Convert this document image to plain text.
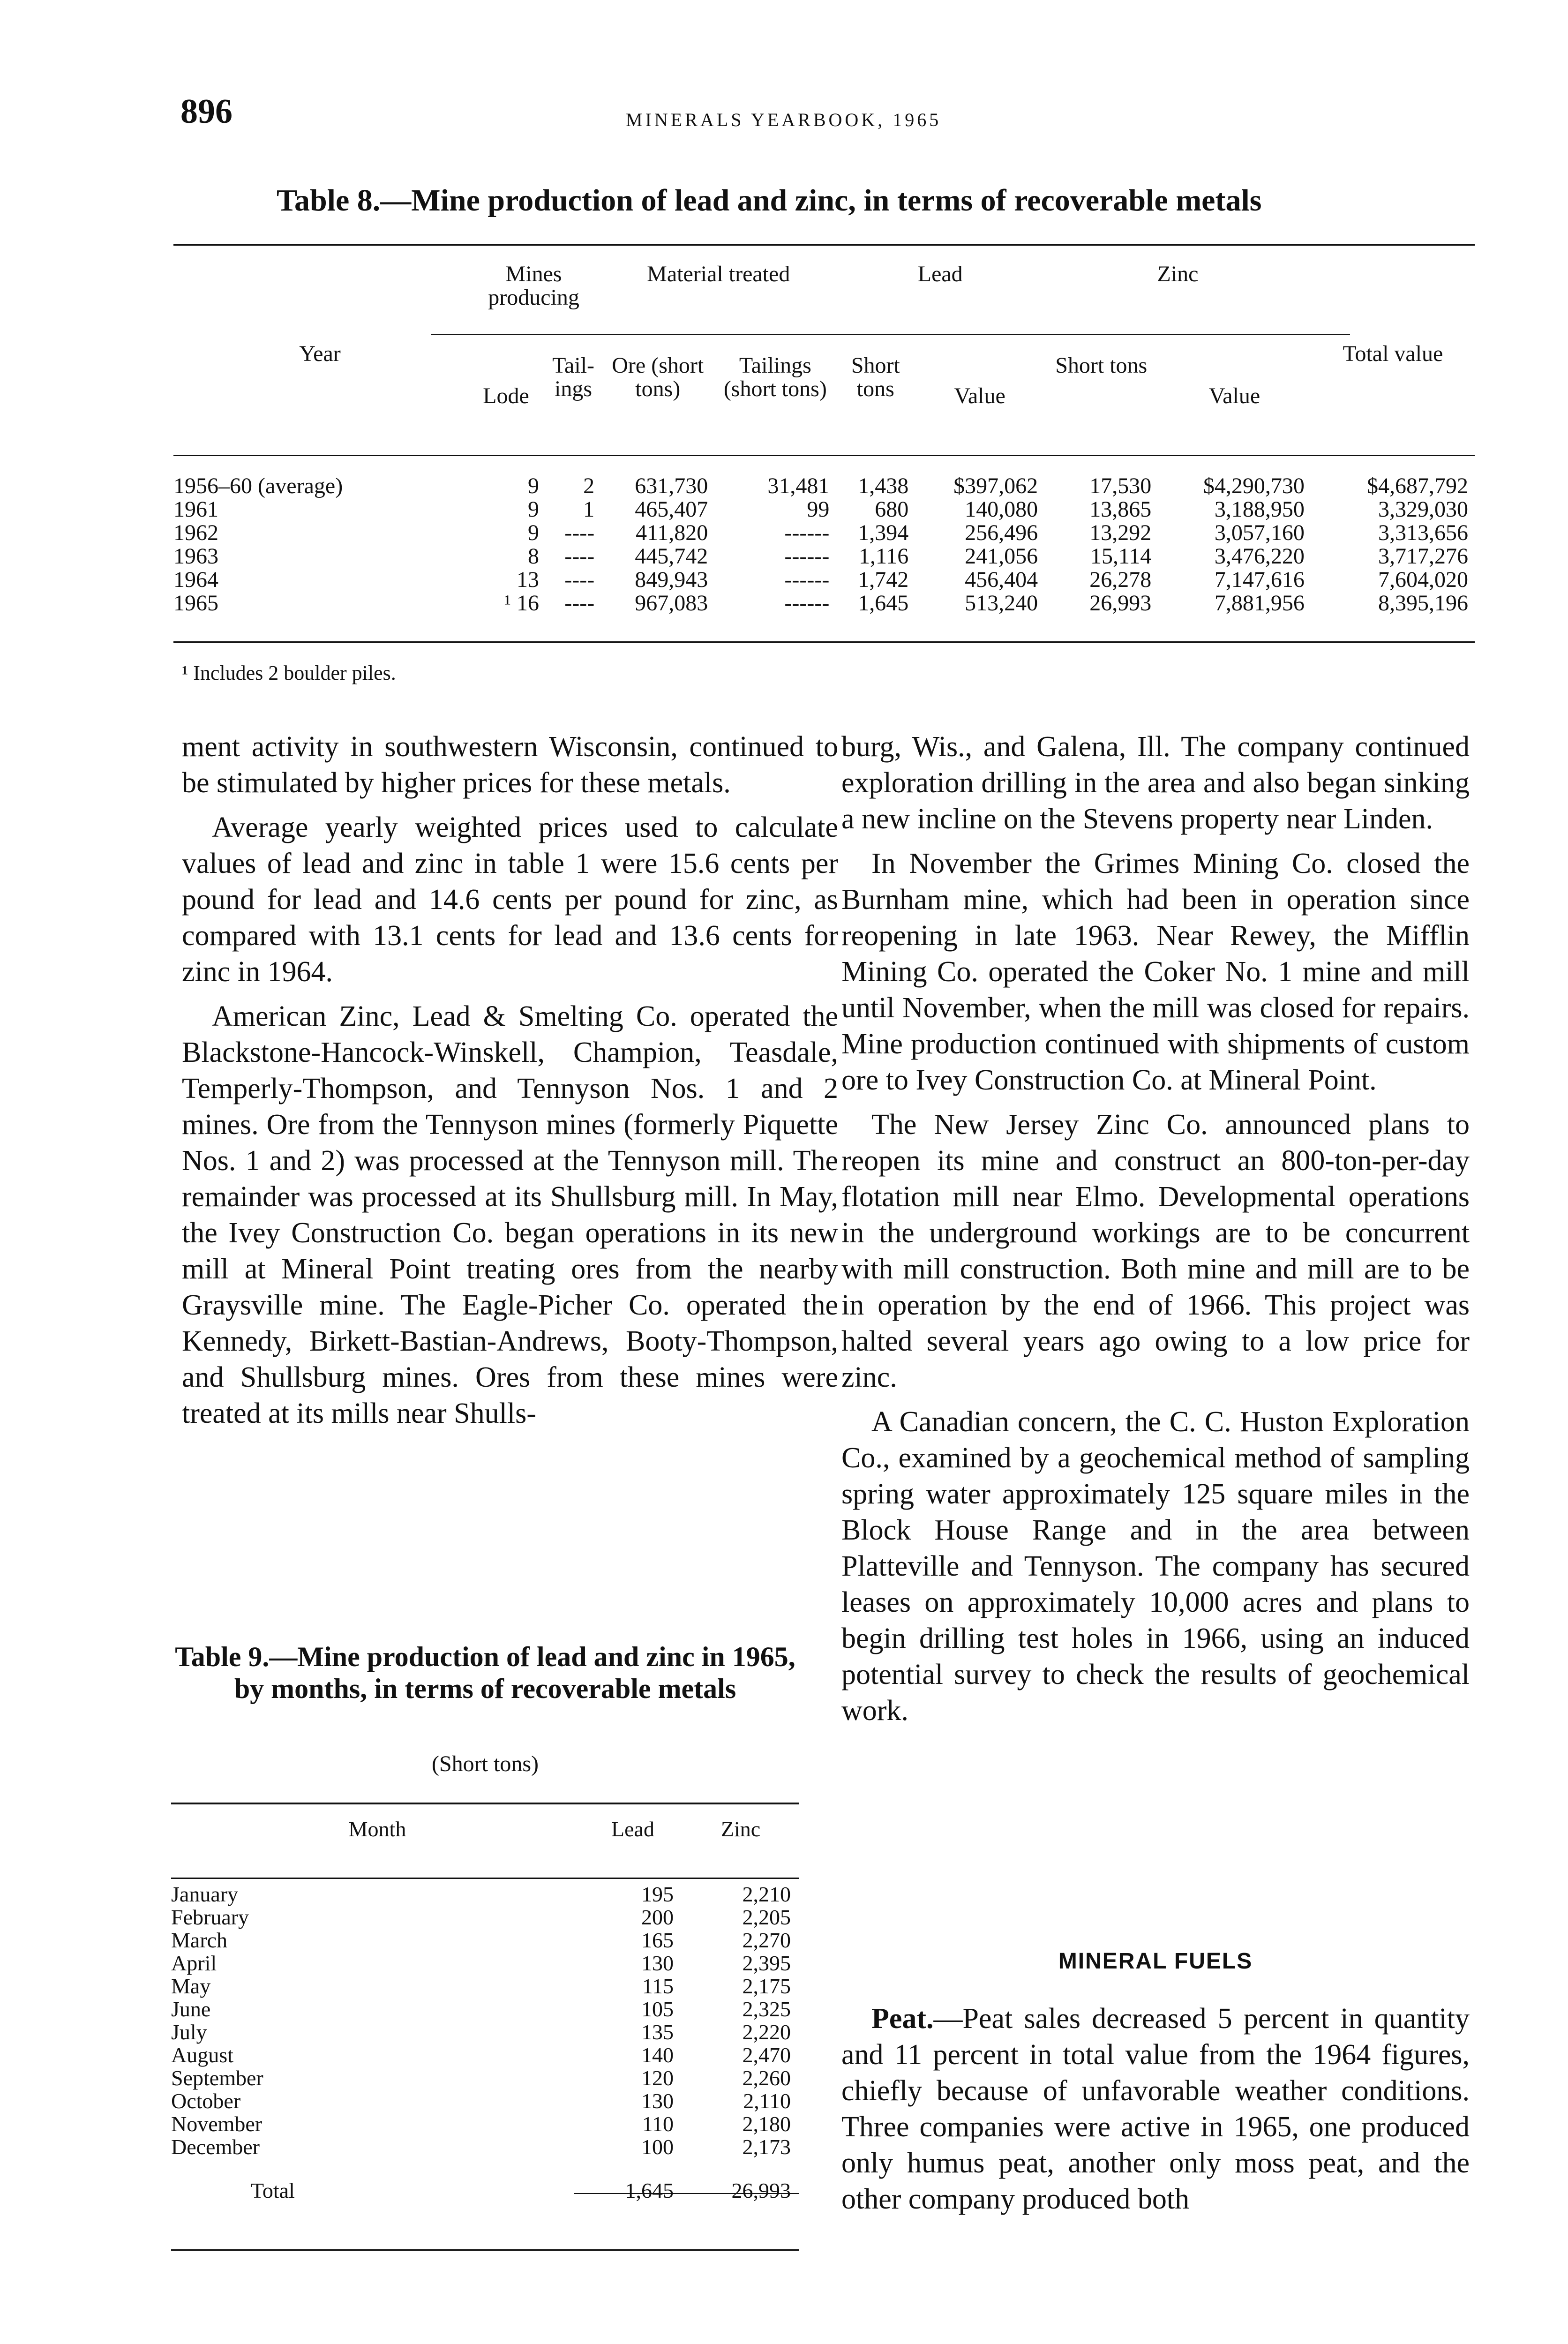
896	MINERALS YEARBOOK, 1965
Table 8.—Mine production of lead and zinc, in terms of recoverable metals
Year	Mines producing		Material treated		Lead		Zinc		Total value
	Lode	Tail- ings	Ore (short tons)	Tailings (short tons)	Short tons	Value	Short tons	Value	

1956–60 (average)	9	2	631,730	31,481	1,438	$397,062	17,530	$4,290,730	$4,687,792
1961	9	1	465,407	99	680	140,080	13,865	3,188,950	3,329,030
1962	9	----	411,820	------	1,394	256,496	13,292	3,057,160	3,313,656
1963	8	----	445,742	------	1,116	241,056	15,114	3,476,220	3,717,276
1964	13	----	849,943	------	1,742	456,404	26,278	7,147,616	7,604,020
1965	¹ 16	----	967,083	------	1,645	513,240	26,993	7,881,956	8,395,196
¹ Includes 2 boulder piles.

ment activity in southwestern Wisconsin, continued to be stimulated by higher prices for these metals.

Average yearly weighted prices used to calculate values of lead and zinc in table 1 were 15.6 cents per pound for lead and 14.6 cents per pound for zinc, as compared with 13.1 cents for lead and 13.6 cents for zinc in 1964.

American Zinc, Lead & Smelting Co. operated the Blackstone-Hancock-Winskell, Champion, Teasdale, Temperly-Thompson, and Tennyson Nos. 1 and 2 mines. Ore from the Tennyson mines (formerly Piquette Nos. 1 and 2) was processed at the Tennyson mill. The remainder was processed at its Shullsburg mill. In May, the Ivey Construction Co. began operations in its new mill at Mineral Point treating ores from the nearby Graysville mine. The Eagle-Picher Co. operated the Kennedy, Birkett-Bastian-Andrews, Booty-Thompson, and Shullsburg mines. Ores from these mines were treated at its mills near Shulls-

Table 9.—Mine production of lead and zinc in 1965, by months, in terms of recoverable metals
(Short tons)
Month	Lead	Zinc

January	195	2,210
February	200	2,205
March	165	2,270
April	130	2,395
May	115	2,175
June	105	2,325
July	135	2,220
August	140	2,470
September	120	2,260
October	130	2,110
November	110	2,180
December	100	2,173

Total	1,645	26,993

burg, Wis., and Galena, Ill. The company continued exploration drilling in the area and also began sinking a new incline on the Stevens property near Linden.

In November the Grimes Mining Co. closed the Burnham mine, which had been in operation since reopening in late 1963. Near Rewey, the Mifflin Mining Co. operated the Coker No. 1 mine and mill until November, when the mill was closed for repairs. Mine production continued with shipments of custom ore to Ivey Construction Co. at Mineral Point.

The New Jersey Zinc Co. announced plans to reopen its mine and construct an 800-ton-per-day flotation mill near Elmo. Developmental operations in the underground workings are to be concurrent with mill construction. Both mine and mill are to be in operation by the end of 1966. This project was halted several years ago owing to a low price for zinc.

A Canadian concern, the C. C. Huston Exploration Co., examined by a geochemical method of sampling spring water approximately 125 square miles in the Block House Range and in the area between Platteville and Tennyson. The company has secured leases on approximately 10,000 acres and plans to begin drilling test holes in 1966, using an induced potential survey to check the results of geochemical work.

MINERAL FUELS

Peat.—Peat sales decreased 5 percent in quantity and 11 percent in total value from the 1964 figures, chiefly because of unfavorable weather conditions. Three companies were active in 1965, one produced only humus peat, another only moss peat, and the other company produced both
